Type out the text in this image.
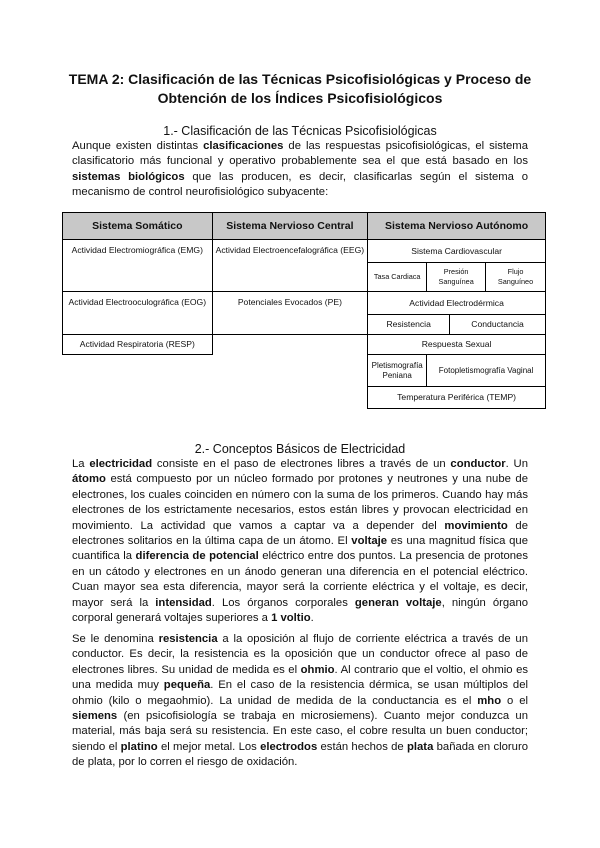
TEMA 2: Clasificación de las Técnicas Psicofisiológicas y Proceso de
Obtención de los Índices Psicofisiológicos
1.- Clasificación de las Técnicas Psicofisiológicas
Aunque existen distintas clasificaciones de las respuestas psicofisiológicas, el sistema clasificatorio más funcional y operativo probablemente sea el que está basado en los sistemas biológicos que las producen, es decir, clasificarlas según el sistema o mecanismo de control neurofisiológico subyacente:
Sistema Somático	Sistema Nervioso Central	Sistema Nervioso Autónomo			
Actividad Electromiográfica (EMG)	Actividad Electroencefalográfica (EEG)	Sistema Cardiovascular			
		Tasa Cardiaca	Presión Sanguínea		Flujo Sanguíneo
Actividad Electrooculográfica (EOG)	Potenciales Evocados (PE)	Actividad Electrodérmica			
		Resistencia		Conductancia	
Actividad Respiratoria (RESP)		Respuesta Sexual			
		Pletismografía Peniana	Fotopletismografía Vaginal		
		Temperatura Periférica (TEMP)			
2.- Conceptos Básicos de Electricidad
La electricidad consiste en el paso de electrones libres a través de un conductor. Un átomo está compuesto por un núcleo formado por protones y neutrones y una nube de electrones, los cuales coinciden en número con la suma de los primeros. Cuando hay más electrones de los estrictamente necesarios, estos están libres y provocan electricidad en movimiento. La actividad que vamos a captar va a depender del movimiento de electrones solitarios en la última capa de un átomo. El voltaje es una magnitud física que cuantifica la diferencia de potencial eléctrico entre dos puntos. La presencia de protones en un cátodo y electrones en un ánodo generan una diferencia en el potencial eléctrico. Cuan mayor sea esta diferencia, mayor será la corriente eléctrica y el voltaje, es decir, mayor será la intensidad. Los órganos corporales generan voltaje, ningún órgano corporal generará voltajes superiores a 1 voltio.
Se le denomina resistencia a la oposición al flujo de corriente eléctrica a través de un conductor. Es decir, la resistencia es la oposición que un conductor ofrece al paso de electrones libres. Su unidad de medida es el ohmio. Al contrario que el voltio, el ohmio es una medida muy pequeña. En el caso de la resistencia dérmica, se usan múltiplos del ohmio (kilo o megaohmio). La unidad de medida de la conductancia es el mho o el siemens (en psicofisiología se trabaja en microsiemens). Cuanto mejor conduzca un material, más baja será su resistencia. En este caso, el cobre resulta un buen conductor; siendo el platino el mejor metal. Los electrodos están hechos de plata bañada en cloruro de plata, por lo corren el riesgo de oxidación.
